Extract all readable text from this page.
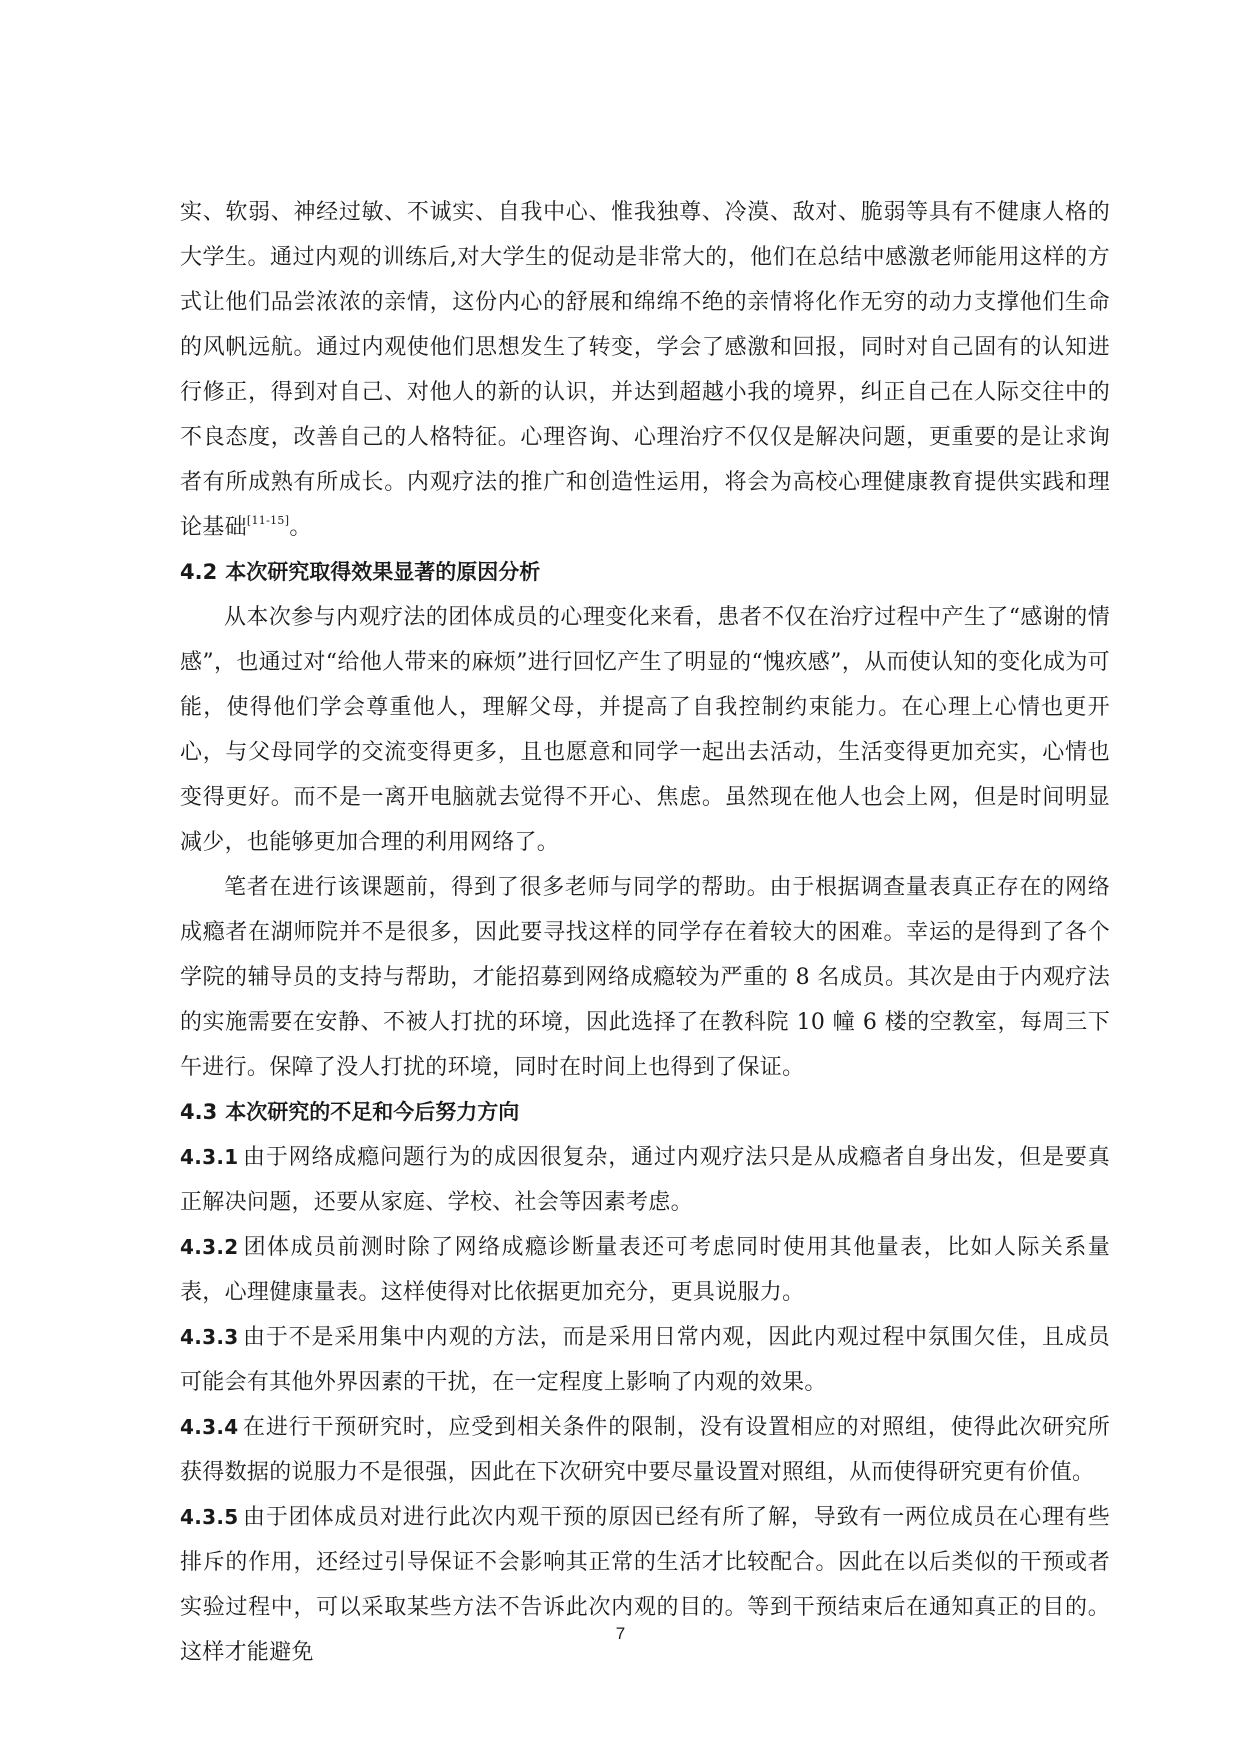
实、软弱、神经过敏、不诚实、自我中心、惟我独尊、冷漠、敌对、脆弱等具有不健康人格的大学生。通过内观的训练后,对大学生的促动是非常大的，他们在总结中感激老师能用这样的方式让他们品尝浓浓的亲情，这份内心的舒展和绵绵不绝的亲情将化作无穷的动力支撑他们生命的风帆远航。通过内观使他们思想发生了转变，学会了感激和回报，同时对自己固有的认知进行修正，得到对自己、对他人的新的认识，并达到超越小我的境界，纠正自己在人际交往中的不良态度，改善自己的人格特征。心理咨询、心理治疗不仅仅是解决问题，更重要的是让求询者有所成熟有所成长。内观疗法的推广和创造性运用，将会为高校心理健康教育提供实践和理论基础[11-15]。

4.2 本次研究取得效果显著的原因分析

从本次参与内观疗法的团体成员的心理变化来看，患者不仅在治疗过程中产生了“感谢的情感”，也通过对“给他人带来的麻烦”进行回忆产生了明显的“愧疚感”，从而使认知的变化成为可能，使得他们学会尊重他人，理解父母，并提高了自我控制约束能力。在心理上心情也更开心，与父母同学的交流变得更多，且也愿意和同学一起出去活动，生活变得更加充实，心情也变得更好。而不是一离开电脑就去觉得不开心、焦虑。虽然现在他人也会上网，但是时间明显减少，也能够更加合理的利用网络了。

笔者在进行该课题前，得到了很多老师与同学的帮助。由于根据调查量表真正存在的网络成瘾者在湖师院并不是很多，因此要寻找这样的同学存在着较大的困难。幸运的是得到了各个学院的辅导员的支持与帮助，才能招募到网络成瘾较为严重的 8 名成员。其次是由于内观疗法的实施需要在安静、不被人打扰的环境，因此选择了在教科院 10 幢 6 楼的空教室，每周三下午进行。保障了没人打扰的环境，同时在时间上也得到了保证。

4.3 本次研究的不足和今后努力方向

4.3.1 由于网络成瘾问题行为的成因很复杂，通过内观疗法只是从成瘾者自身出发，但是要真正解决问题，还要从家庭、学校、社会等因素考虑。

4.3.2 团体成员前测时除了网络成瘾诊断量表还可考虑同时使用其他量表，比如人际关系量表，心理健康量表。这样使得对比依据更加充分，更具说服力。

4.3.3 由于不是采用集中内观的方法，而是采用日常内观，因此内观过程中氛围欠佳，且成员可能会有其他外界因素的干扰，在一定程度上影响了内观的效果。

4.3.4 在进行干预研究时，应受到相关条件的限制，没有设置相应的对照组，使得此次研究所获得数据的说服力不是很强，因此在下次研究中要尽量设置对照组，从而使得研究更有价值。

4.3.5 由于团体成员对进行此次内观干预的原因已经有所了解，导致有一两位成员在心理有些排斥的作用，还经过引导保证不会影响其正常的生活才比较配合。因此在以后类似的干预或者实验过程中，可以采取某些方法不告诉此次内观的目的。等到干预结束后在通知真正的目的。这样才能避免

7
